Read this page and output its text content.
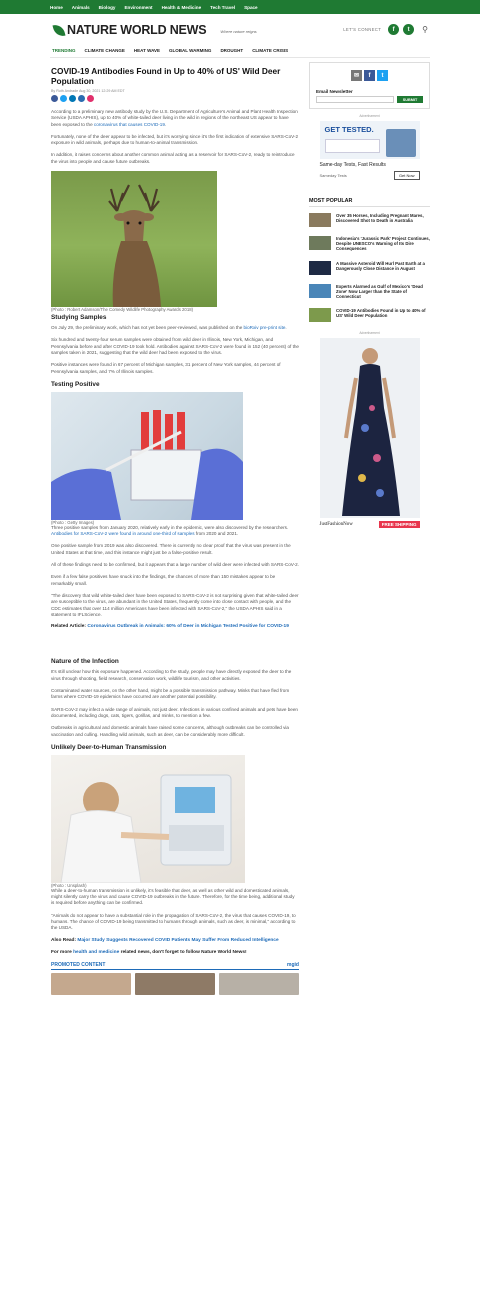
Home Animals Biology Environment Health & Medicine Tech Travel Space
NATURE WORLD NEWS	Where nature reigns	LET'S CONNECT	f	t	⚲
TRENDING CLIMATE CHANGE HEAT WAVE GLOBAL WARMING DROUGHT CLIMATE CRISIS
COVID-19 Antibodies Found in Up to 40% of US' Wild Deer Population
By Ruth Andrade Aug 30, 2021 12:29 AM EDT

According to a preliminary new antibody study by the U.S. Department of Agriculture's Animal and Plant Health Inspection Service (USDA APHIS), up to 40% of white-tailed deer living in the wild in regions of the northeast US appear to have been exposed to the coronavirus that causes COVID-19.

Fortunately, none of the deer appear to be infected, but it's worrying since it's the first indication of extensive SARS-CoV-2 exposure in wild animals, perhaps due to human-to-animal transmission.

In addition, it raises concerns about another common animal acting as a reservoir for SARS-CoV-2, ready to reintroduce the virus into people and cause future outbreaks.

(Photo : Robert Adamson/The Comedy Wildlife Photography Awards 2018)
Studying Samples

On July 29, the preliminary work, which has not yet been peer-reviewed, was published on the bioRxiv pre-print site.

Six hundred and twenty-four serum samples were obtained from wild deer in Illinois, New York, Michigan, and Pennsylvania before and after COVID-19 took hold. Antibodies against SARS-CoV-2 were found in 152 (40 percent) of the samples taken in 2021, suggesting that the wild deer had been exposed to the virus.

Positive instances were found in 67 percent of Michigan samples, 31 percent of New York samples, 44 percent of Pennsylvania samples, and 7% of Illinois samples.

Testing Positive
(Photo : Getty Images)

Three positive samples from January 2020, relatively early in the epidemic, were also discovered by the researchers. Antibodies for SARS-CoV-2 were found in around one-third of samples from 2020 and 2021.

One positive sample from 2019 was also discovered. There is currently no clear proof that the virus was present in the United States at that time, and this instance might just be a false-positive result.

All of these findings need to be confirmed, but it appears that a large number of wild deer were infected with SARS-CoV-2.

Even if a few false positives have snuck into the findings, the chances of more than 150 mistakes appear to be remarkably small.

"The discovery that wild white-tailed deer have been exposed to SARS-CoV-2 is not surprising given that white-tailed deer are susceptible to the virus, are abundant in the United States, frequently come into close contact with people, and the CDC estimates that over 114 million Americans have been infected with SARS-CoV-2," the USDA APHIS said in a statement to IFLScience.

Related Article: Coronavirus Outbreak in Animals: 60% of Deer in Michigan Tested Positive for COVID-19
Nature of the Infection

It's still unclear how this exposure happened. According to the study, people may have directly exposed the deer to the virus through shooting, field research, conservation work, wildlife tourism, and other activities.

Contaminated water sources, on the other hand, might be a possible transmission pathway. Minks that have fled from farms where COVID-19 epidemics have occurred are another potential possibility.

SARS-CoV-2 may infect a wide range of animals, not just deer. Infections in various confined animals and pets have been documented, including dogs, cats, tigers, gorillas, and minks, to mention a few.

Outbreaks in agricultural and domestic animals have raised some concerns, although outbreaks can be controlled via vaccination and culling. Handling wild animals, such as deer, can be considerably more difficult.

Unlikely Deer-to-Human Transmission
(Photo : Unsplash)

While a deer-to-human transmission is unlikely, it's feasible that deer, as well as other wild and domesticated animals, might silently carry the virus and cause COVID-19 outbreaks in the future. Therefore, for the time being, additional study is required before anything can be confirmed.

"Animals do not appear to have a substantial role in the propagation of SARS-CoV-2, the virus that causes COVID-19, to humans. The chance of COVID-19 being transmitted to humans through animals, such as deer, is minimal," according to the USDA.

Also Read: Major Study Suggests Recovered COVID Patients May Suffer From Reduced Intelligence
For more health and medicine related news, don't forget to follow Nature World News!
PROMOTED CONTENT	mgid
✉	f	t
Email Newsletter
SUBMIT
Advertisement
GET TESTED.
Same-day Tests, Fast Results
Sameday Tests	Get Now
MOST POPULAR
Over 35 Horses, Including Pregnant Mares, Discovered Shot to Death in Australia
Indonesia's 'Jurassic Park' Project Continues, Despite UNESCO's Warning of Its Dire Consequences
A Massive Asteroid Will Hurl Past Earth at a Dangerously Close Distance in August
Experts Alarmed as Gulf of Mexico's 'Dead Zone' Now Larger than the State of Connecticut
COVID-19 Antibodies Found in Up to 40% of US' Wild Deer Population
Advertisement
JustFashionNow	FREE SHIPPING
